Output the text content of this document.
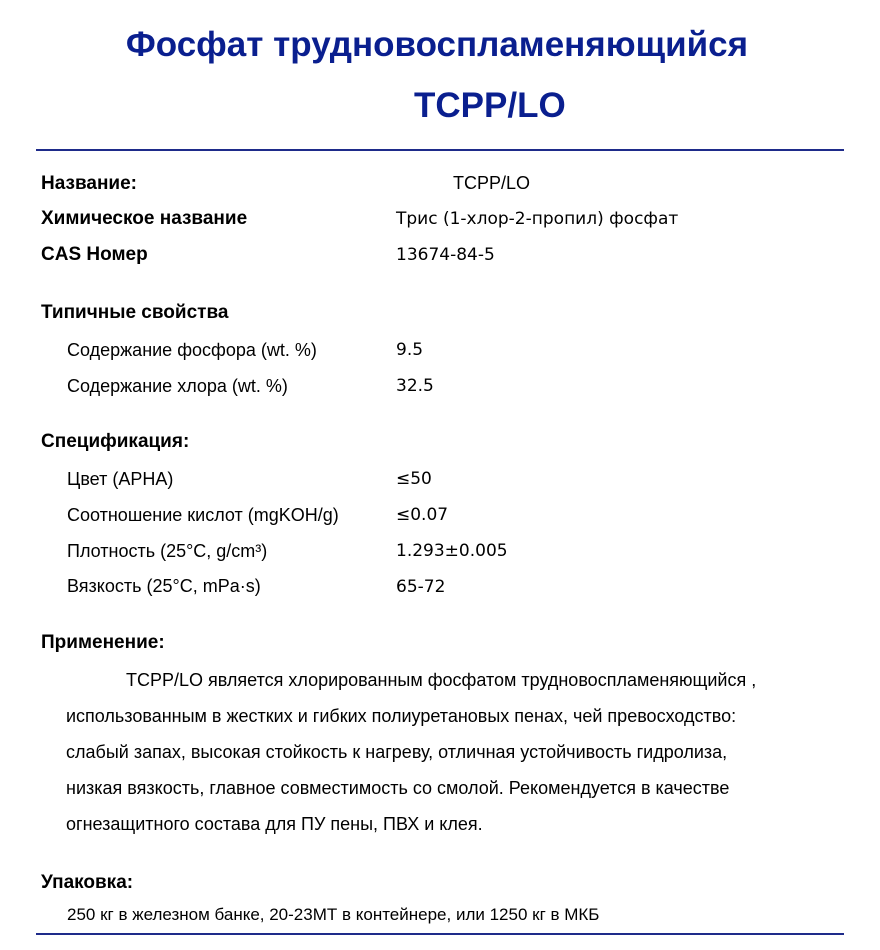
Фосфат трудновоспламеняющийся
TCPP/LO
Название:	TCPP/LO
Химическое название	Трис (1-хлор-2-пропил) фосфат
CAS Номер	13674-84-5
Типичные свойства
Содержание фосфора (wt. %)	9.5
Содержание хлора (wt. %)	32.5
Спецификация:
Цвет (APHA)	≤50
Соотношение кислот (mgKOH/g)	≤0.07
Плотность (25°C, g/cm³)	1.293±0.005
Вязкость (25°C, mPa·s)	65-72
Применение:
TCPP/LO является хлорированным фосфатом трудновоспламеняющийся ,
использованным в жестких и гибких полиуретановых пенах, чей превосходство:
слабый запах, высокая стойкость к нагреву, отличная устойчивость гидролиза,
низкая вязкость, главное совместимость со смолой. Рекомендуется в качестве
огнезащитного состава для ПУ пены, ПВХ и клея.
Упаковка:
250 кг в железном банке, 20-23МТ в контейнере, или 1250 кг в МКБ
